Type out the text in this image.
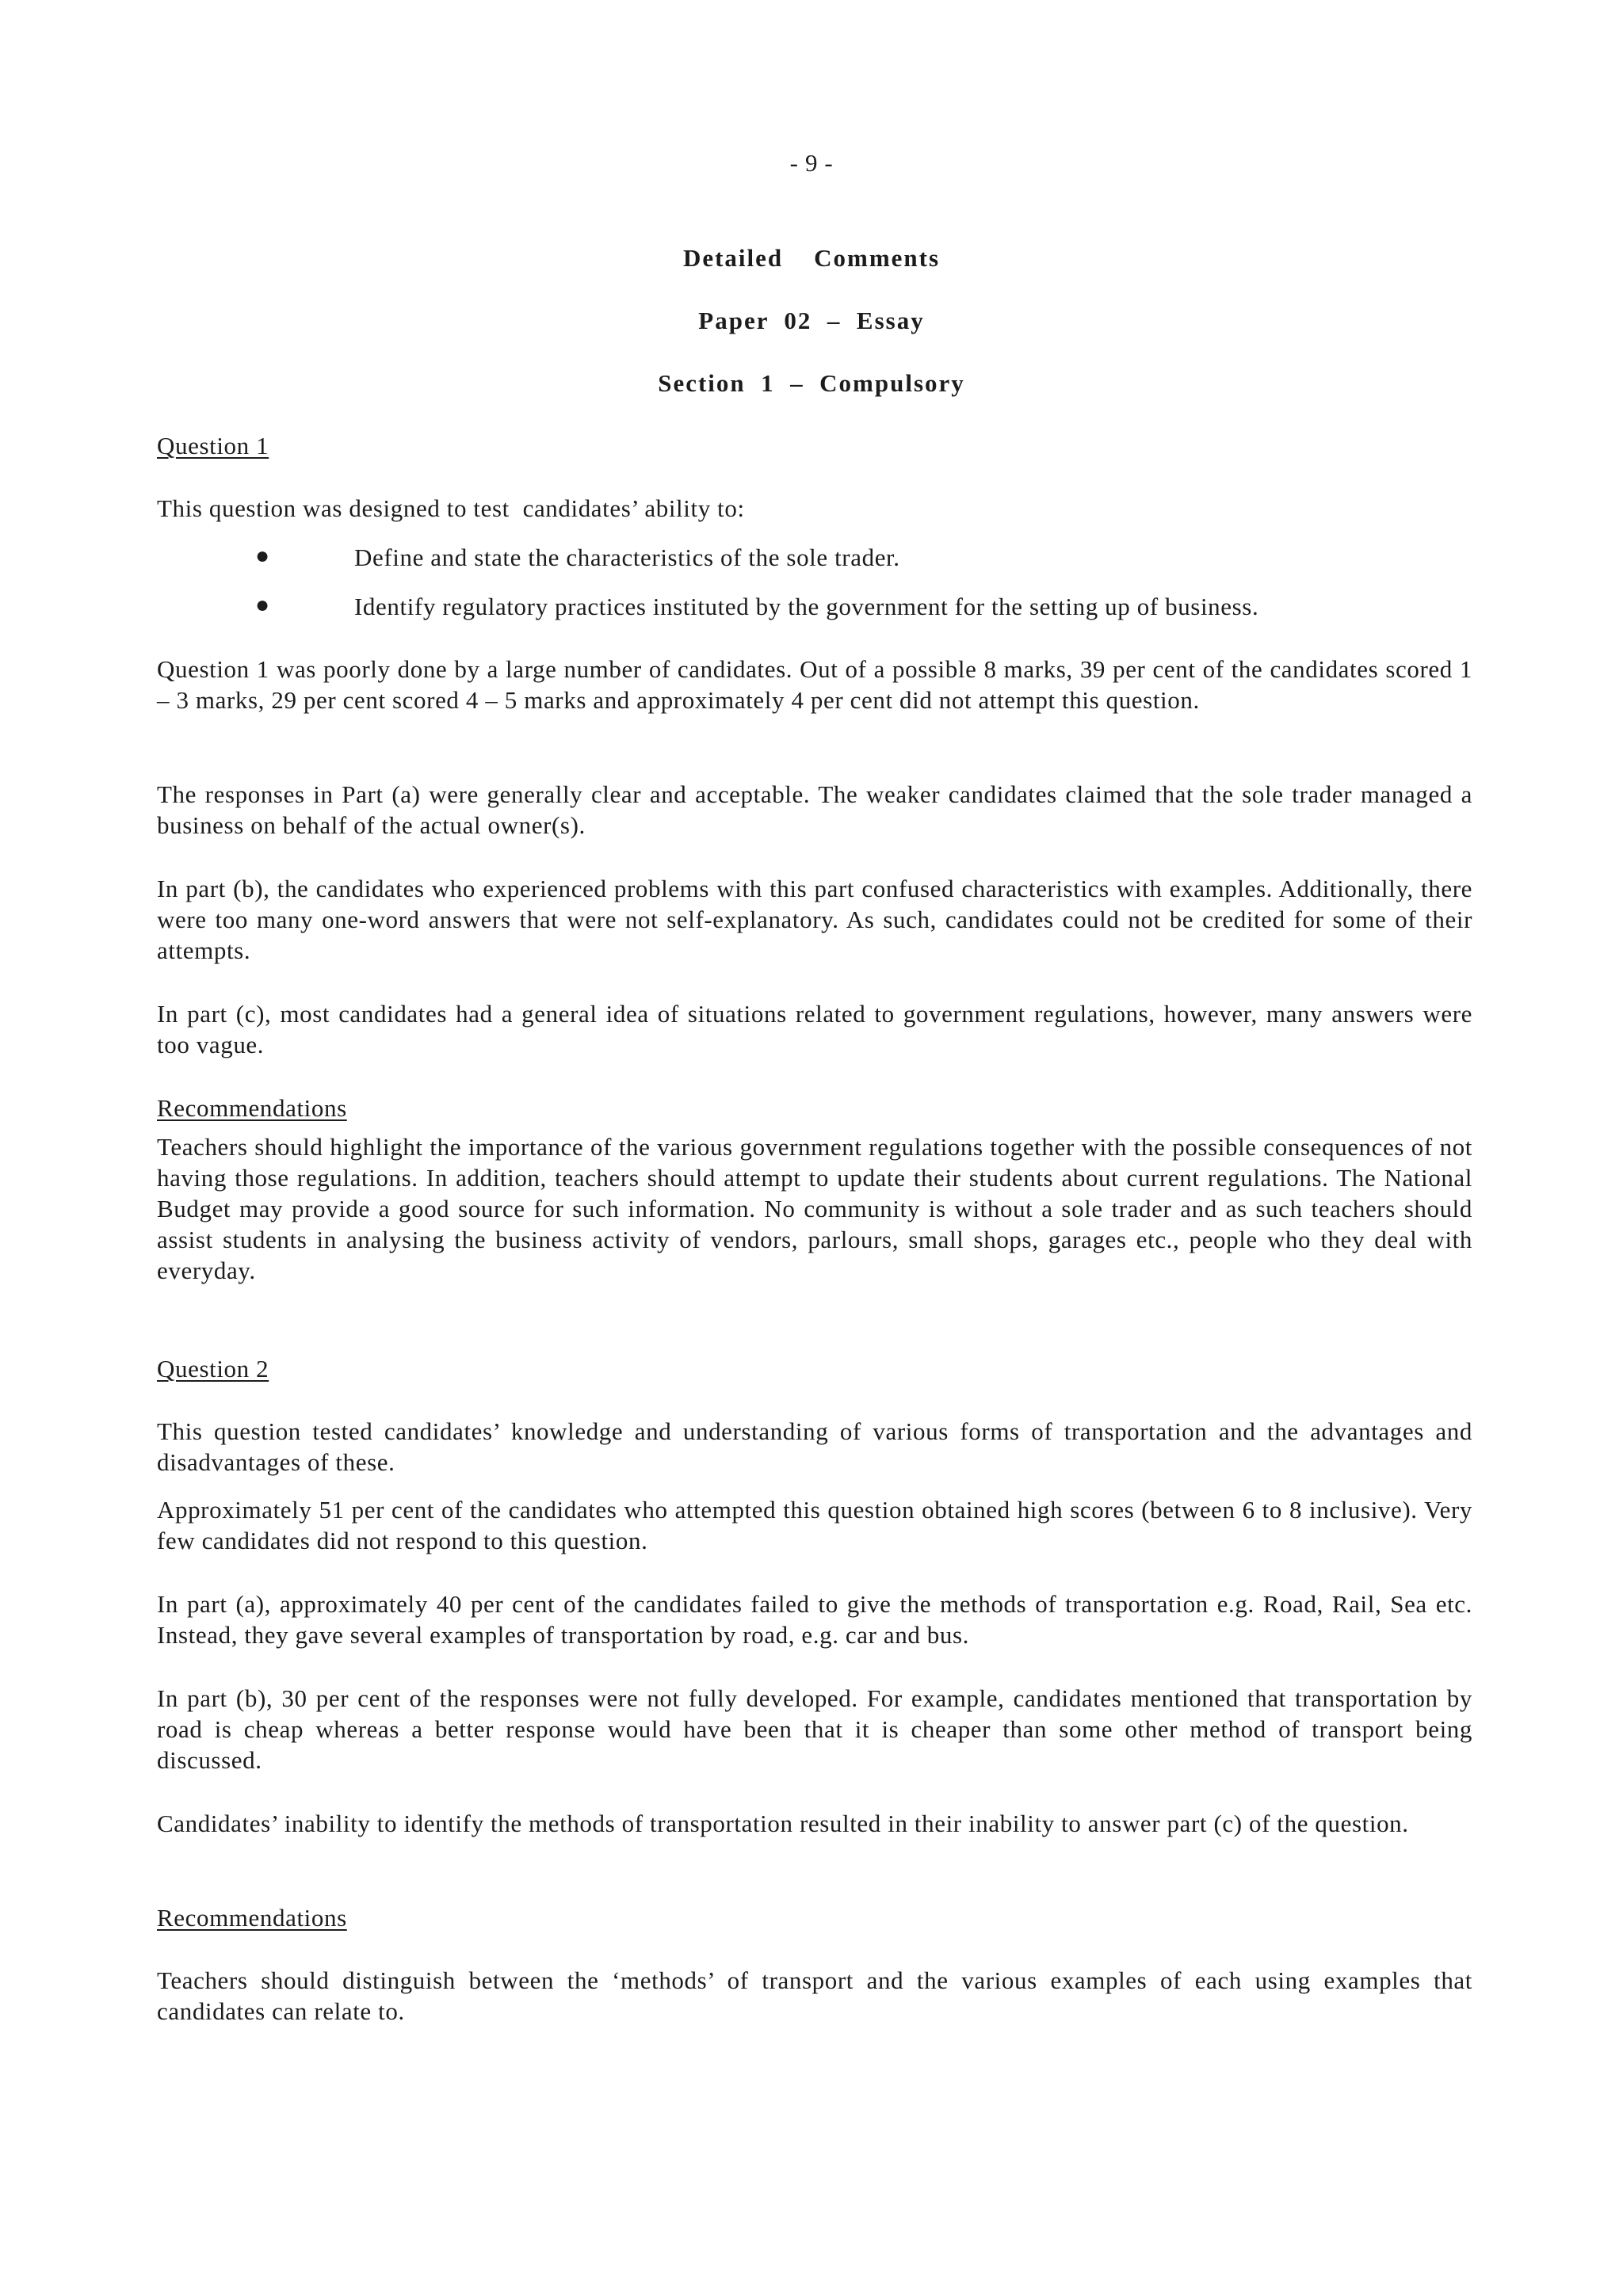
- 9 -
Detailed    Comments
Paper  02  –  Essay
Section  1  –  Compulsory
Question 1
This question was designed to test  candidates’ ability to:
●	Define and state the characteristics of the sole trader.
●	Identify regulatory practices instituted by the government for the setting up of business.

Question 1 was poorly done by a large number of candidates. Out of a possible 8 marks, 39 per cent of the candidates scored 1 – 3 marks, 29 per cent scored 4 – 5 marks and approximately 4 per cent did not attempt this question.

The responses in Part (a) were generally clear and acceptable. The weaker candidates claimed that the sole trader managed a business on behalf of the actual owner(s).

In part (b), the candidates who experienced problems with this part confused characteristics with examples. Additionally, there were too many one-word answers that were not self-explanatory. As such, candidates could not be credited for some of their attempts.

In part (c), most candidates had a general idea of situations related to government regulations, however, many answers were too vague.

Recommendations

Teachers should highlight the importance of the various government regulations together with the possible consequences of not having those regulations. In addition, teachers should attempt to update their students about current regulations. The National Budget may provide a good source for such information. No community is without a sole trader and as such teachers should assist students in analysing the business activity of vendors, parlours, small shops, garages etc., people who they deal with everyday.

Question 2

This question tested candidates’ knowledge and understanding of various forms of transportation and the advantages and disadvantages of these.

Approximately 51 per cent of the candidates who attempted this question obtained high scores (between 6 to 8 inclusive). Very few candidates did not respond to this question.

In part (a), approximately 40 per cent of the candidates failed to give the methods of transportation e.g. Road, Rail, Sea etc. Instead, they gave several examples of transportation by road, e.g. car and bus.

In part (b), 30 per cent of the responses were not fully developed. For example, candidates mentioned that transportation by road is cheap whereas a better response would have been that it is cheaper than some other method of transport being discussed.

Candidates’ inability to identify the methods of transportation resulted in their inability to answer part (c) of the question.

Recommendations

Teachers should distinguish between the ‘methods’ of transport and the various examples of each using examples that candidates can relate to.
